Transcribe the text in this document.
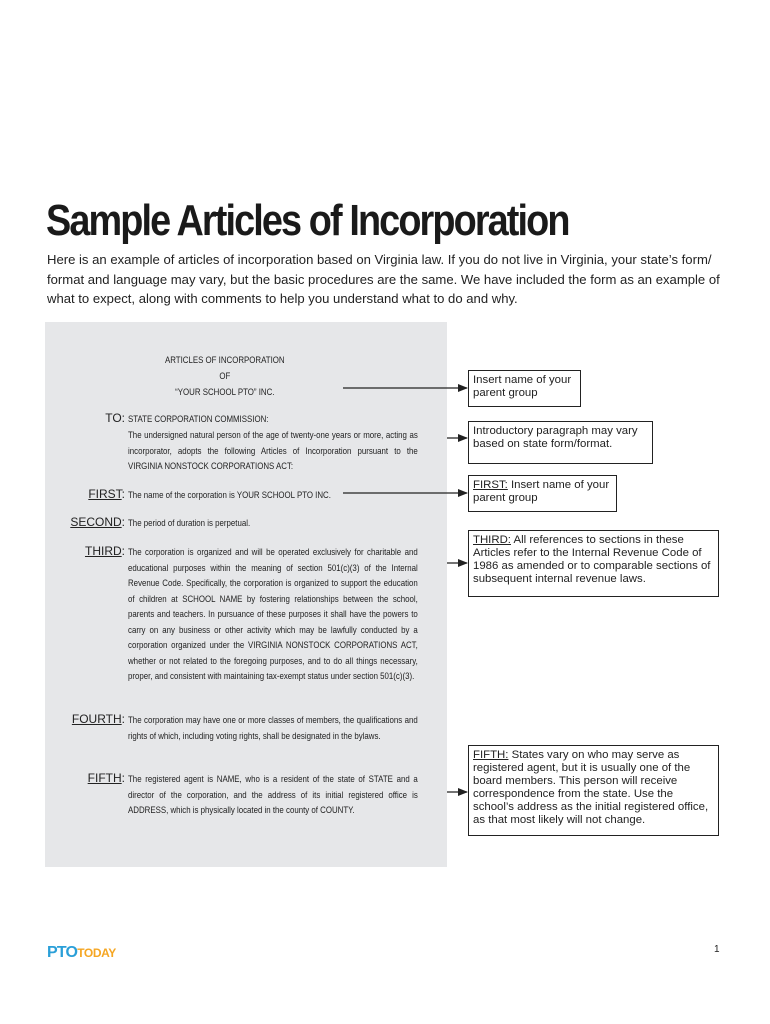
Sample Articles of Incorporation

Here is an example of articles of incorporation based on Virginia law. If you do not live in Virginia, your state’s form/ format and language may vary, but the basic procedures are the same. We have included the form as an example of what to expect, along with comments to help you understand what to do and why.

ARTICLES OF INCORPORATION
OF
“YOUR SCHOOL PTO” INC.
TO: STATE CORPORATION COMMISSION:
The undersigned natural person of the age of twenty-one years or more, acting as incorporator, adopts the following Articles of Incorporation pursuant to the VIRGINIA NONSTOCK CORPORATIONS ACT:
FIRST: The name of the corporation is YOUR SCHOOL PTO INC.
SECOND: The period of duration is perpetual.
THIRD: The corporation is organized and will be operated exclusively for charitable and educational purposes within the meaning of section 501(c)(3) of the Internal Revenue Code. Specifically, the corporation is organized to support the education of children at SCHOOL NAME by fostering relationships between the school, parents and teachers. In pursuance of these purposes it shall have the powers to carry on any business or other activity which may be lawfully conducted by a corporation organized under the VIRGINIA NONSTOCK CORPORATIONS ACT, whether or not related to the foregoing purposes, and to do all things necessary, proper, and consistent with maintaining tax-exempt status under section 501(c)(3).
FOURTH: The corporation may have one or more classes of members, the qualifications and rights of which, including voting rights, shall be designated in the bylaws.
FIFTH: The registered agent is NAME, who is a resident of the state of STATE and a director of the corporation, and the address of its initial registered office is ADDRESS, which is physically located in the county of COUNTY.
Insert name of your parent group
Introductory paragraph may vary based on state form/format.
FIRST: Insert name of your parent group
THIRD: All references to sections in these Articles refer to the Internal Revenue Code of 1986 as amended or to comparable sections of subsequent internal revenue laws.
FIFTH: States vary on who may serve as registered agent, but it is usually one of the board members. This person will receive correspondence from the state. Use the school’s address as the initial registered office, as that most likely will not change.
PTOTODAY	1
